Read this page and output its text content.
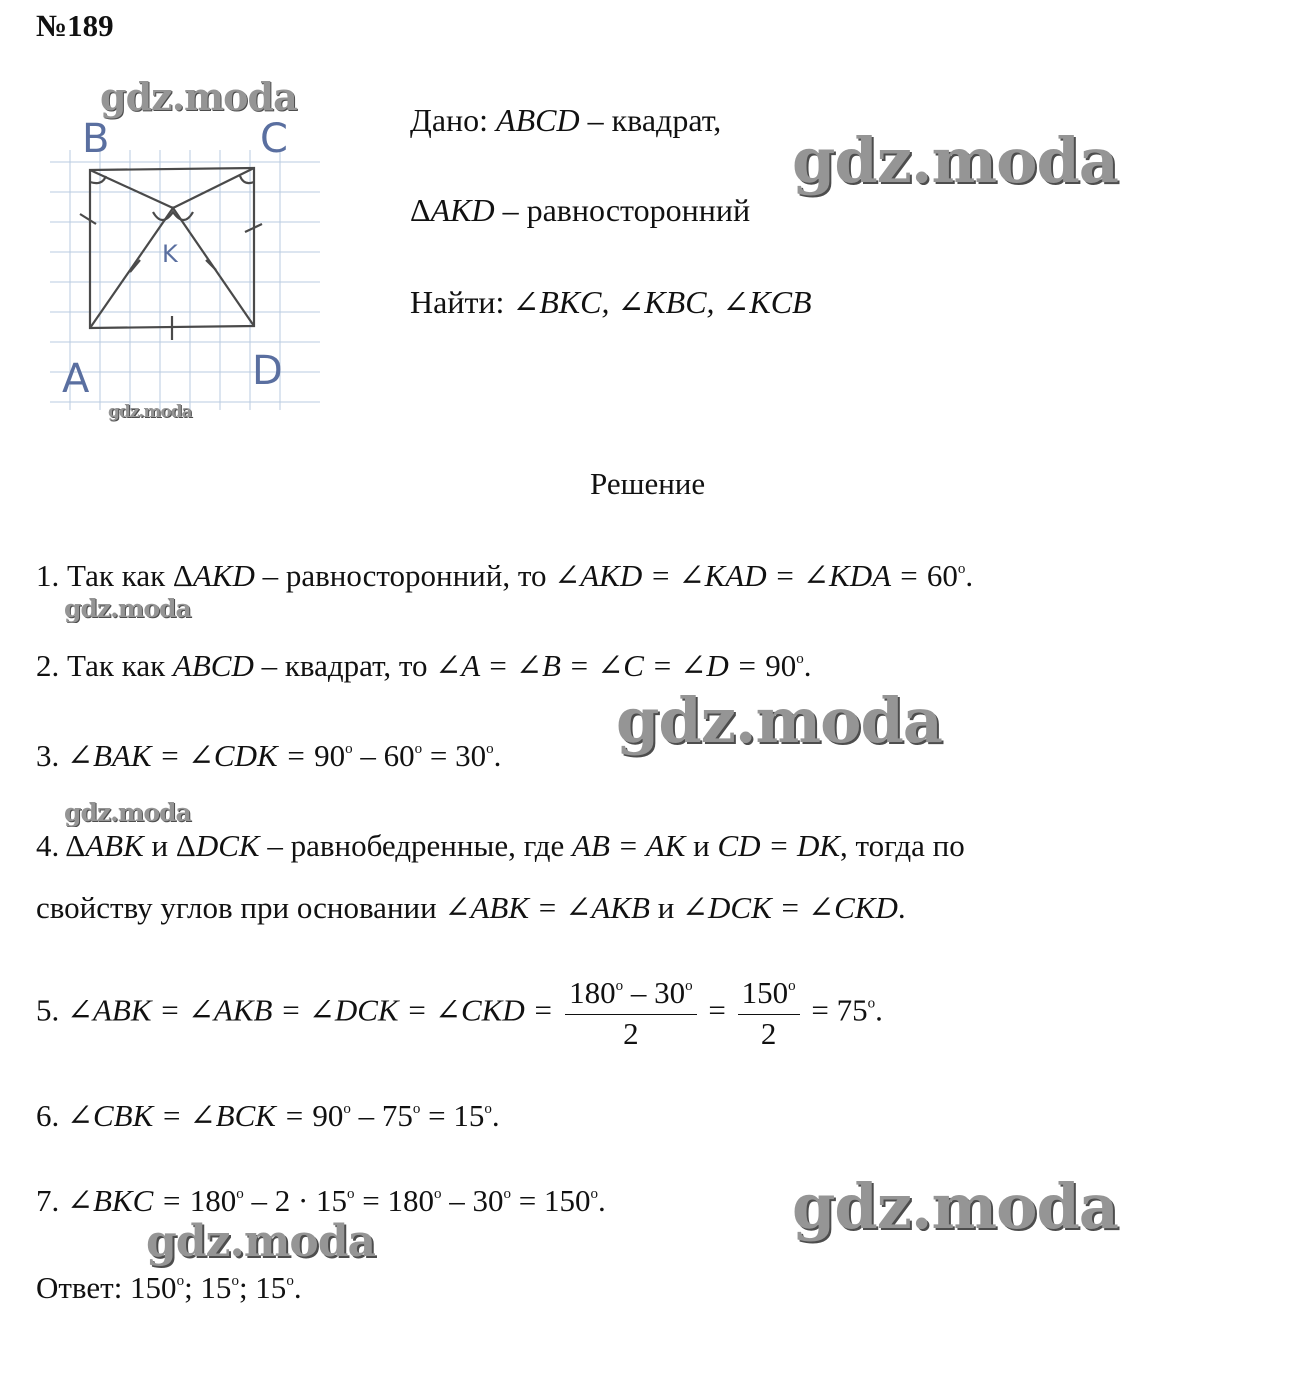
№189
B	C
A	D
K
Дано: ABCD – квадрат,
ΔAKD – равносторонний
Найти: ∠BKC, ∠KBC, ∠KCB
Решение
1. Так как ΔAKD – равносторонний, то ∠AKD = ∠KAD = ∠KDA = $60^o$.
2. Так как ABCD – квадрат, то ∠A = ∠B = ∠C = ∠D = $90^o$.
3. ∠BAK = ∠CDK = $90^o - 60^o = 30^o$.
4. ΔABK и ΔDCK – равнобедренные, где AB = AK и CD = DK, тогда по
свойству углов при основании ∠ABK = ∠AKB и ∠DCK = ∠CKD.
5. ∠ABK = ∠AKB = ∠DCK = ∠CKD = $\frac{180^o - 30^o}{2} = \frac{150^o}{2} = 75^o$.
6. ∠CBK = ∠BCK = $90^o - 75^o = 15^o$.
7. ∠BKC = $180^o - 2 \cdot 15^o = 180^o - 30^o = 150^o$.
Ответ: 150$^o$; 15$^o$; 15$^o$.
gdz.moda
gdz.moda
gdz.moda
gdz.moda
gdz.moda
gdz.moda
gdz.moda
gdz.moda
